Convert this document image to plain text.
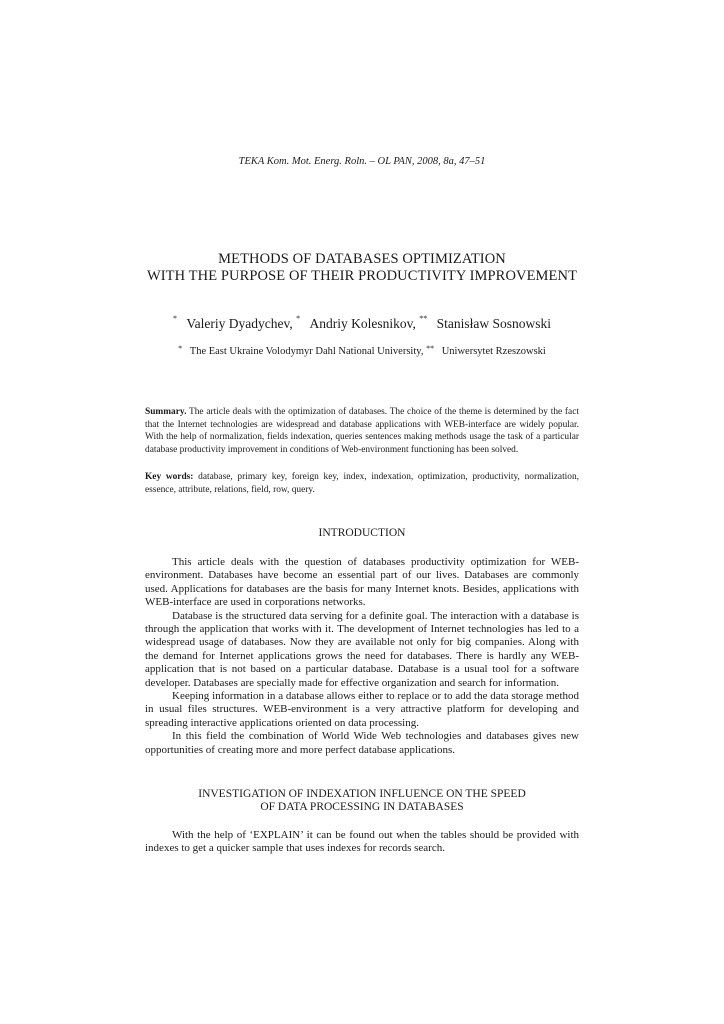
TEKA Kom. Mot. Energ. Roln. – OL PAN, 2008, 8a, 47–51
METHODS OF DATABASES OPTIMIZATION
WITH THE PURPOSE OF THEIR PRODUCTIVITY IMPROVEMENT
* Valeriy Dyadychev, * Andriy Kolesnikov, ** Stanisław Sosnowski
* The East Ukraine Volodymyr Dahl National University, ** Uniwersytet Rzeszowski
Summary. The article deals with the optimization of databases. The choice of the theme is determined by the fact that the Internet technologies are widespread and database applications with WEB-interface are widely popular. With the help of normalization, fields indexation, queries sentences making methods usage the task of a particular database productivity improvement in conditions of Web-environment functioning has been solved.
Key words: database, primary key, foreign key, index, indexation, optimization, productivity, normalization, essence, attribute, relations, field, row, query.
INTRODUCTION

This article deals with the question of databases productivity optimization for WEB-environment. Databases have become an essential part of our lives. Databases are commonly used. Applications for databases are the basis for many Internet knots. Besides, applications with WEB-interface are used in corporations networks.

Database is the structured data serving for a definite goal. The interaction with a database is through the application that works with it. The development of Internet technologies has led to a widespread usage of databases. Now they are available not only for big companies. Along with the demand for Internet applications grows the need for databases. There is hardly any WEB-application that is not based on a particular database. Database is a usual tool for a software developer. Databases are specially made for effective organization and search for information.

Keeping information in a database allows either to replace or to add the data storage method in usual files structures. WEB-environment is a very attractive platform for developing and spreading interactive applications oriented on data processing.

In this field the combination of World Wide Web technologies and databases gives new opportunities of creating more and more perfect database applications.

INVESTIGATION OF INDEXATION INFLUENCE ON THE SPEED
OF DATA PROCESSING IN DATABASES

With the help of ‘EXPLAIN’ it can be found out when the tables should be provided with indexes to get a quicker sample that uses indexes for records search.
